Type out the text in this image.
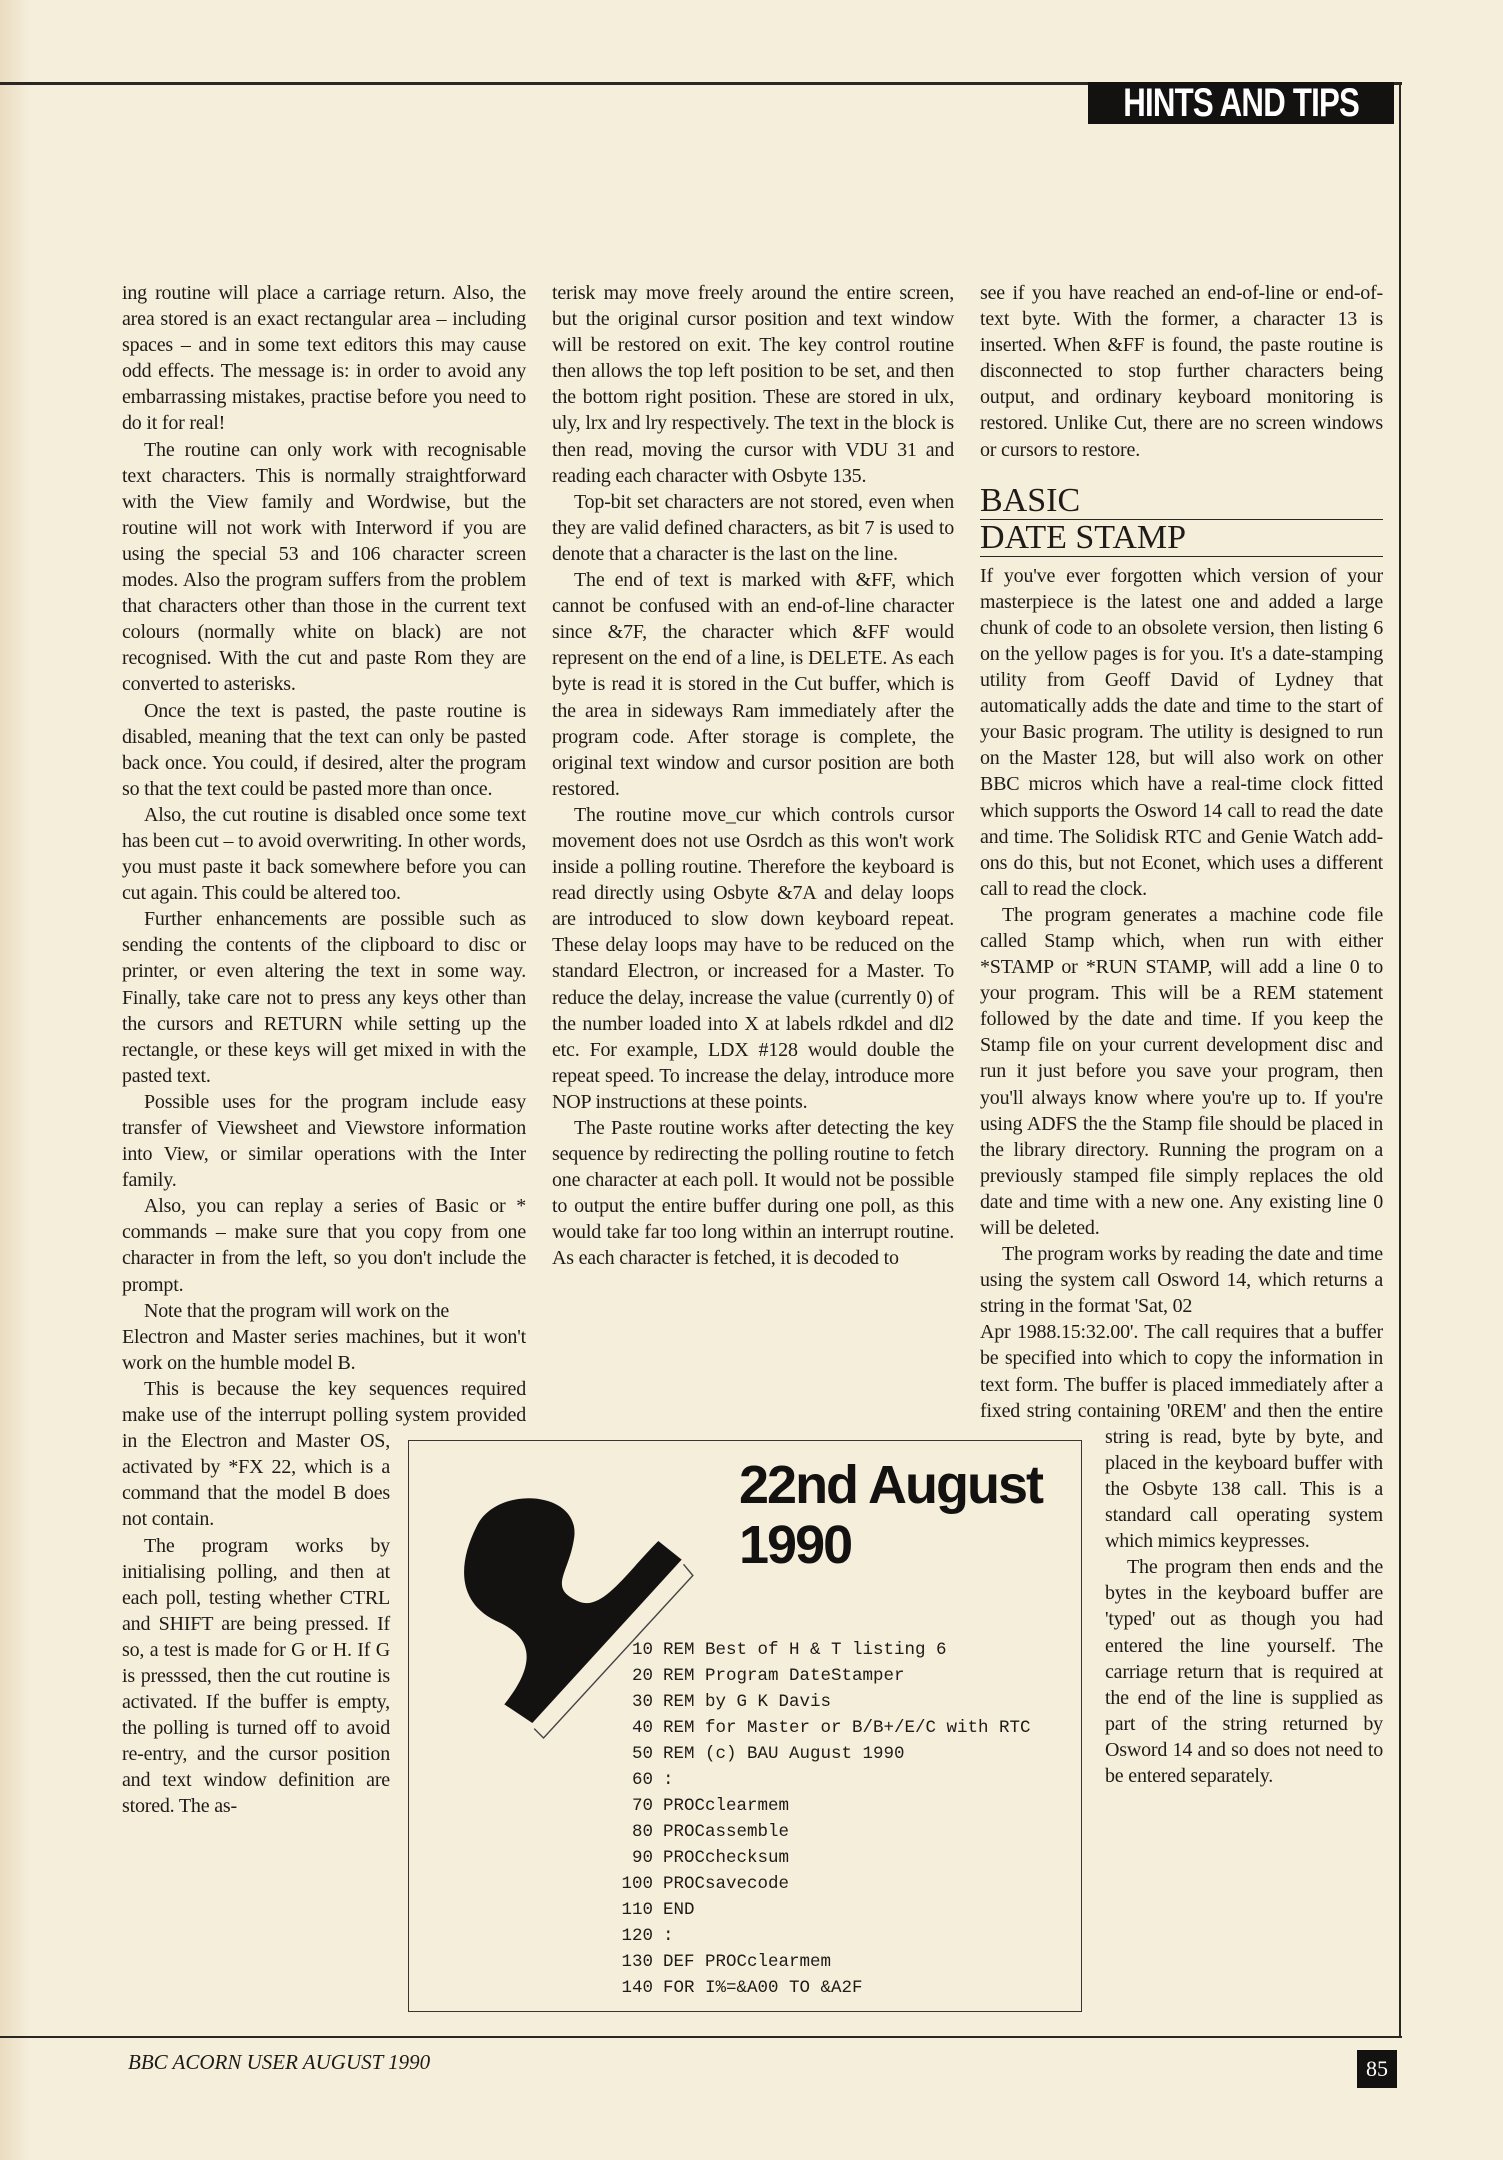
HINTS AND TIPS

ing routine will place a carriage return. Also, the area stored is an exact rectangular area – including spaces – and in some text editors this may cause odd effects. The message is: in order to avoid any embarrassing mistakes, practise before you need to do it for real!

The routine can only work with recognisable text characters. This is normally straightforward with the View family and Wordwise, but the routine will not work with Interword if you are using the special 53 and 106 character screen modes. Also the program suffers from the problem that characters other than those in the current text colours (normally white on black) are not recognised. With the cut and paste Rom they are converted to asterisks.

Once the text is pasted, the paste routine is disabled, meaning that the text can only be pasted back once. You could, if desired, alter the program so that the text could be pasted more than once.

Also, the cut routine is disabled once some text has been cut – to avoid overwriting. In other words, you must paste it back somewhere before you can cut again. This could be altered too.

Further enhancements are possible such as sending the contents of the clipboard to disc or printer, or even altering the text in some way. Finally, take care not to press any keys other than the cursors and RETURN while setting up the rectangle, or these keys will get mixed in with the pasted text.

Possible uses for the program include easy transfer of Viewsheet and Viewstore information into View, or similar operations with the Inter family.

Also, you can replay a series of Basic or * commands – make sure that you copy from one character in from the left, so you don't include the prompt.

Note that the program will work on the

Electron and Master series machines, but it won't work on the humble model B.

This is because the key sequences required make use of the interrupt polling system provided in the Electron and Master OS, activated by *FX 22, which is a command that the model B does not contain.

The program works by initialising polling, and then at each poll, testing whether CTRL and SHIFT are being pressed. If so, a test is made for G or H. If G is presssed, then the cut routine is activated. If the buffer is empty, the polling is turned off to avoid re-entry, and the cursor position and text window definition are stored. The as-

terisk may move freely around the entire screen, but the original cursor position and text window will be restored on exit. The key control routine then allows the top left position to be set, and then the bottom right position. These are stored in ulx, uly, lrx and lry respectively. The text in the block is then read, moving the cursor with VDU 31 and reading each character with Osbyte 135.

Top-bit set characters are not stored, even when they are valid defined characters, as bit 7 is used to denote that a character is the last on the line.

The end of text is marked with &FF, which cannot be confused with an end-of-line character since &7F, the character which &FF would represent on the end of a line, is DELETE. As each byte is read it is stored in the Cut buffer, which is the area in sideways Ram immediately after the program code. After storage is complete, the original text window and cursor position are both restored.

The routine move_cur which controls cursor movement does not use Osrdch as this won't work inside a polling routine. Therefore the keyboard is read directly using Osbyte &7A and delay loops are introduced to slow down keyboard repeat. These delay loops may have to be reduced on the standard Electron, or increased for a Master. To reduce the delay, increase the value (currently 0) of the number loaded into X at labels rdkdel and dl2 etc. For example, LDX #128 would double the repeat speed. To increase the delay, introduce more NOP instructions at these points.

The Paste routine works after detecting the key sequence by redirecting the polling routine to fetch one character at each poll. It would not be possible to output the entire buffer during one poll, as this would take far too long within an interrupt routine. As each character is fetched, it is decoded to

see if you have reached an end-of-line or end-of-text byte. With the former, a character 13 is inserted. When &FF is found, the paste routine is disconnected to stop further characters being output, and ordinary keyboard monitoring is restored. Unlike Cut, there are no screen windows or cursors to restore.

BASIC
DATE STAMP

If you've ever forgotten which version of your masterpiece is the latest one and added a large chunk of code to an obsolete version, then listing 6 on the yellow pages is for you. It's a date-stamping utility from Geoff David of Lydney that automatically adds the date and time to the start of your Basic program. The utility is designed to run on the Master 128, but will also work on other BBC micros which have a real-time clock fitted which supports the Osword 14 call to read the date and time. The Solidisk RTC and Genie Watch add-ons do this, but not Econet, which uses a different call to read the clock.

The program generates a machine code file called Stamp which, when run with either *STAMP or *RUN STAMP, will add a line 0 to your program. This will be a REM statement followed by the date and time. If you keep the Stamp file on your current development disc and run it just before you save your program, then you'll always know where you're up to. If you're using ADFS the the Stamp file should be placed in the library directory. Running the program on a previously stamped file simply replaces the old date and time with a new one. Any existing line 0 will be deleted.

The program works by reading the date and time using the system call Osword 14, which returns a string in the format 'Sat, 02

Apr 1988.15:32.00'. The call requires that a buffer be specified into which to copy the information in text form. The buffer is placed immediately after a fixed string containing '0REM' and then the entire string is read, byte by byte, and placed in the keyboard buffer with the Osbyte 138 call. This is a standard call operating system which mimics keypresses.

The program then ends and the bytes in the keyboard buffer are 'typed' out as though you had entered the line yourself. The carriage return that is required at the end of the line is supplied as part of the string returned by Osword 14 and so does not need to be entered separately.

22nd August 1990
10 REM Best of H & T listing 6
20 REM Program DateStamper
30 REM by G K Davis
40 REM for Master or B/B+/E/C with RTC
50 REM (c) BAU August 1990
60 :
70 PROCclearmem
80 PROCassemble
90 PROCchecksum
100 PROCsavecode
110 END
120 :
130 DEF PROCclearmem
140 FOR I%=&A00 TO &A2F
BBC ACORN USER AUGUST 1990	85
